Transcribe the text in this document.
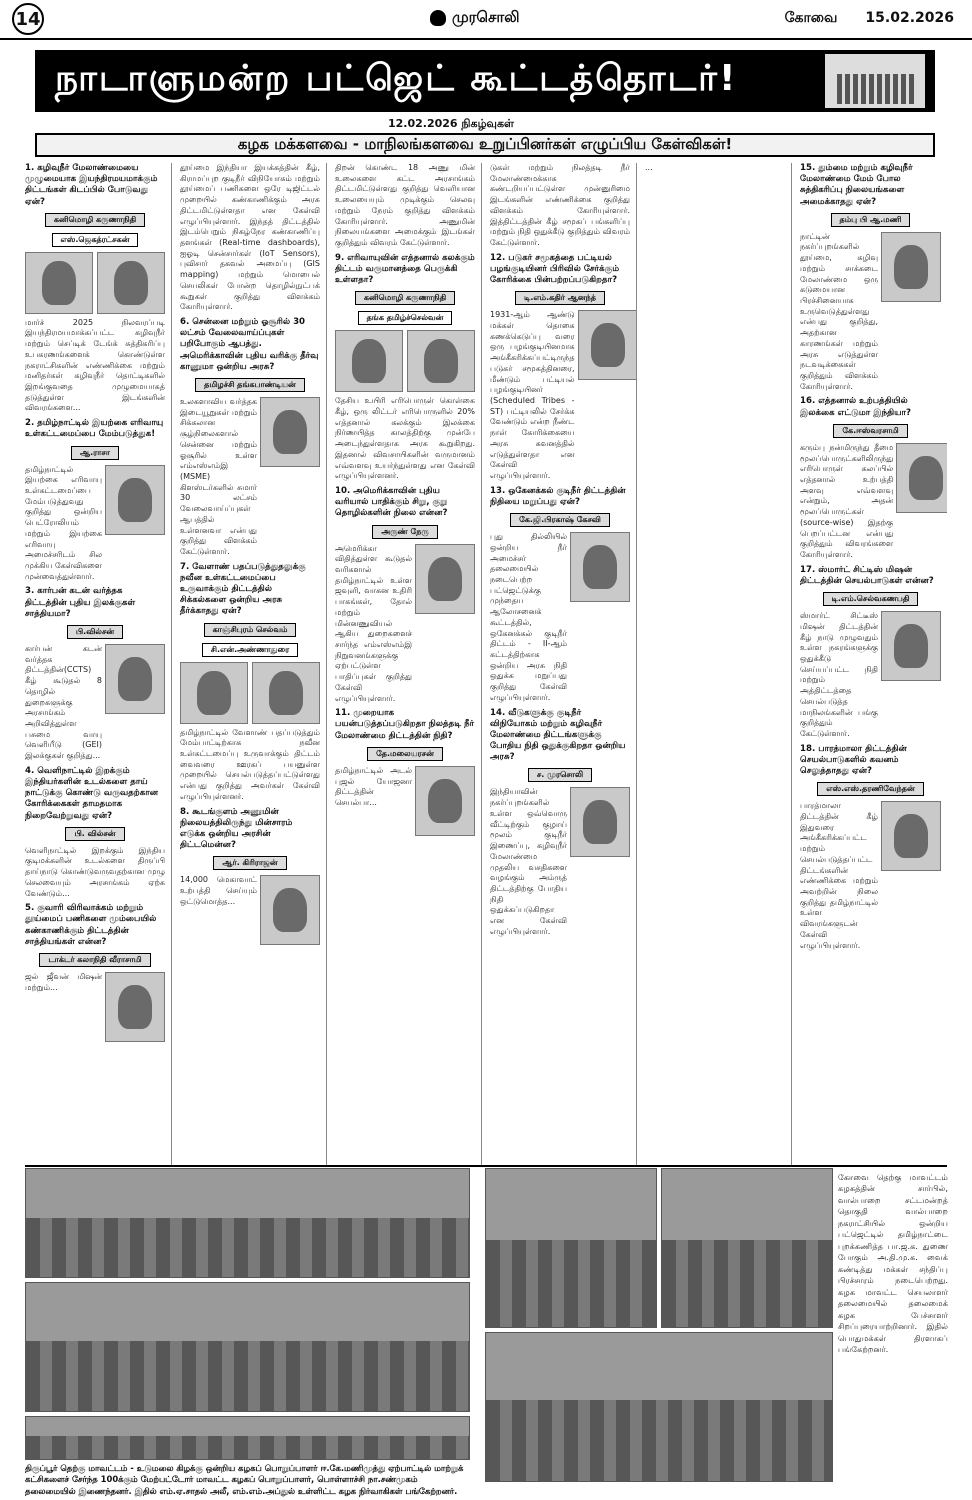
14	முரசொலி	கோவை 15.02.2026
நாடாளுமன்ற பட்ஜெட் கூட்டத்தொடர்!
12.02.2026 நிகழ்வுகள்
கழக மக்களவை - மாநிலங்களவை உறுப்பினர்கள் எழுப்பிய கேள்விகள்!
1. கழிவுநீர் மேலாண்மையை முழுமையாக இயந்திரமயமாக்கும் திட்டங்கள் கிடப்பில் போடுவது ஏன்?
கனிமொழி கருணாநிதி
எஸ்.ஜெகத்ரட்சகன்
மார்ச் 2025 நிலவரப்படி இயந்திரமயமாக்கப்பட்ட கழிவுநீர் மற்றும் செப்டிக் டேங்க் சுத்திகரிப்பு உபகரணங்களைக் கொண்டுள்ள நகராட்சிகளின் எண்ணிக்கை மற்றும் மனிதர்கள் கழிவுநீர் தொட்டிகளில் இறங்குவதை முழுமையாகத் தடுத்துள்ள இடங்களின் விவரங்களை...
2. தமிழ்நாட்டில் இயற்கை எரிவாயு உள்கட்டமைப்பை மேம்படுத்துக!
ஆ.ராசா
தமிழ்நாட்டில் இயற்கை எரிவாயு உள்கட்டமைப்பை மேம்படுத்துவது குறித்து ஒன்றிய பெட்ரோலியம் மற்றும் இயற்கை எரிவாயு அமைச்சரிடம் சில முக்கிய கேள்விகளை முன்வைத்துள்ளார்.
3. கார்பன் கடன் வர்த்தக திட்டத்தின் புதிய இலக்குகள் சாத்தியமா?
பி.வில்சன்
கார்பன் கடன் வர்த்தக திட்டத்தின்(CCTS) கீழ் கூடுதல் 8 தொழில் துறைகளுக்கு அரசாங்கம் அறிவித்துள்ள பசுமை வாயு வெளியீடு (GEI) இலக்குகள் குறித்து...
4. வெளிநாட்டில் இறக்கும் இந்தியர்களின் உடல்களை தாய் நாட்டுக்கு கொண்டு வருவதற்கான கோரிக்கைகள் தாமதமாக நிறைவேற்றுவது ஏன்?
பி. வில்சன்
வெளிநாட்டில் இறக்கும் இந்திய குடிமக்களின் உடல்களை திருப்பி தாய்நாடு கொண்டுவருவதற்கான முழு செலவையும் அரசாங்கம் ஏற்க வேண்டும்...
5. குவாரி விரிவாக்கம் மற்றும் தூய்மைப் பணிகளை மும்பையில் கண்காணிக்கும் திட்டத்தின் சாத்தியங்கள் என்ன?
டாக்டர் கலாநிதி வீராசாமி
ஜல் ஜீவன் மிஷன் மற்றும்...
தூய்மை இந்தியா இயக்கத்தின் கீழ், கிராமப்புற குடிநீர் விநியோகம் மற்றும் தூய்மைப் பணிகளை ஒரே டிஜிட்டல் முறையில் கண்காணிக்கும் அரசு திட்டமிட்டுள்ளதா என கேள்வி எழுப்பியுள்ளார். இந்தத் திட்டத்தில் இடம்பெறும் நிகழ்நேர கண்காணிப்பு தளங்கள் (Real-time dashboards), ஐஓடி சென்சார்கள் (IoT Sensors), புவிசார் தகவல் அமைப்பு (GIS mapping) மற்றும் மொபைல் செயலிகள் போன்ற தொழில்நுட்பக் கூறுகள் குறித்து விளக்கம் கோரியுள்ளார்.
6. சென்னை மற்றும் ஓசூரில் 30 லட்சம் வேலைவாய்ப்புகள் பறிபோகும் ஆபத்து. அமெரிக்காவின் புதிய வரிக்கு தீர்வு காணுமா ஒன்றிய அரசு?
தமிழச்சி தங்கபாண்டியன்
உலகளாவிய வர்த்தக இடையூறுகள் மற்றும் சிக்கலான சூழ்நிலைகளால் சென்னை மற்றும் ஓசூரில் உள்ள எம்எஸ்எம்இ (MSME) கிளஸ்டர்களில் சுமார் 30 லட்சம் வேலைவாய்ப்புகள் ஆபத்தில் உள்ளனவா என்பது குறித்து விளக்கம் கேட்டுள்ளார்.
7. வேளாண் பதப்படுத்துதலுக்கு நவீன உள்கட்டமைப்பை உருவாக்கும் திட்டத்தில் சிக்கல்களை ஒன்றிய அரசு தீர்க்காதது ஏன்?
காஞ்சிபுரம் செல்வம்
சி.என்.அண்ணாதுரை
தமிழ்நாட்டில் வேளாண் பதப்படுத்தும் மேம்பாட்டிற்காக நவீன உள்கட்டமைப்பு உருவாக்கும் திட்டம் வைவரை ஊரகப் பயனுள்ள முறையில் செயல்படுத்தப்பட்டுள்ளது என்பது குறித்து அவர்கள் கேள்வி எழுப்பியுள்ளனர்.
8. கூடங்குளம் அணுமின் நிலையத்திலிருந்து மின்சாரம் எடுக்க ஒன்றிய அரசின் திட்டமென்ன?
ஆர். கிரிராஜன்
14,000 மெகாவாட் உற்பத்தி செய்யும் ஒட்டுமொத்த...
திறன் கொண்ட 18 அணு மின் உலைகளை கட்ட அரசாங்கம் திட்டமிட்டுள்ளது குறித்து வெளியான உலையையும் முடிக்கும் செலவு மற்றும் நேரம் குறித்து விளக்கம் கோரியுள்ளார். அணுமின் நிலையங்களை அமைக்கும் இடங்கள் குறித்தும் விவரம் கேட்டுள்ளார்.
9. எரிவாயுவின் எத்தனால் கலக்கும் திட்டம் வருமானத்தை பெருக்கி உள்ளதா?
கனிமொழி கருணாநிதி
தங்க தமிழ்ச்செல்வன்
தேசிய உயிரி எரிபொருள் கொள்கை கீழ், ஒரு லிட்டர் எரிபொருளில் 20% எத்தனால் கலக்கும் இலக்கை நிர்ணயித்த காலத்திற்கு முன்பே அடைந்துள்ளதாக அரசு கூறுகிறது. இதனால் விவசாயிகளின் வருமானம் எவ்வளவு உயர்ந்துள்ளது என கேள்வி எழுப்பியுள்ளனர்.
10. அமெரிக்காவின் புதிய வரியால் பாதிக்கும் சிறு, குறு தொழில்களின் நிலை என்ன?
அருண் நேரு
அமெரிக்கா விதித்துள்ள கூடுதல் வரிகளால் தமிழ்நாட்டில் உள்ள ஜவுளி, வாகன உதிரி பாகங்கள், தோல் மற்றும் மின்னணுவியல் ஆகிய துறைகளைச் சார்ந்த எம்எஸ்எம்இ நிறுவனங்களுக்கு ஏற்பட்டுள்ள பாதிப்புகள் குறித்து கேள்வி எழுப்பியுள்ளார்.
11. முறையாக பயன்படுத்தப்படுகிறதா நிலத்தடி நீர் மேலாண்மை திட்டத்தின் நிதி?
தே.மலையரசன்
தமிழ்நாட்டில் அடல் புஜல் யோஜனா திட்டத்தின் செயல்பா...
டுகள் மற்றும் நிலத்தடி நீர் மேலாண்மைக்காக கண்டறியப்பட்டுள்ள முன்னுரிமை இடங்களின் எண்ணிக்கை குறித்து விளக்கம் கோரியுள்ளார். இத்திட்டத்தின் கீழ் சமூகப் பங்களிப்பு மற்றும் நிதி ஒதுக்கீடு குறித்தும் விவரம் கேட்டுள்ளார்.
12. படுகர் சமூகத்தை பட்டியல் பழங்குடியினர் பிரிவில் சேர்க்கும் கோரிக்கை பின்பற்றப்படுகிறதா?
டி.எம்.கதிர் ஆனந்த்
1931-ஆம் ஆண்டு மக்கள் தொகை கணக்கெடுப்பு வரை ஒரு பழங்குடியினமாக அங்கீகரிக்கப்பட்டிருந்த படுகர் சமூகத்தினரை, மீண்டும் பட்டியல் பழங்குடியினர் (Scheduled Tribes - ST) பட்டியலில் சேர்க்க வேண்டும் என்ற நீண்ட நாள் கோரிக்கையை அரசு கவனத்தில் எடுத்துள்ளதா என கேள்வி எழுப்பியுள்ளார்.
13. ஒகேனக்கல் குடிநீர் திட்டத்தின் நிதியை மறுப்பது ஏன்?
கே.ஜி.பிரகாஷ் கேசவி
புது தில்லியில் ஒன்றிய நீர் அமைச்சர் தலைமையில் நடைபெற்ற பட்ஜெட்டுக்கு முந்தைய ஆலோசனைக் கூட்டத்தில், ஒகேனக்கல் குடிநீர் திட்டம் - II-ஆம் கட்டத்திற்காக ஒன்றிய அரசு நிதி ஒதுக்க மறுப்பது குறித்து கேள்வி எழுப்பியுள்ளார்.
14. வீடுகளுக்கு குடிநீர் விநியோகம் மற்றும் கழிவுநீர் மேலாண்மை திட்டங்களுக்கு போதிய நிதி ஒதுக்குகிறதா ஒன்றிய அரசு?
ச. முரசொலி
இந்தியாவின் நகர்ப்புறங்களில் உள்ள ஒவ்வொரு வீட்டிற்கும் குழாய் மூலம் குடிநீர் இணைப்பு, கழிவுநீர் மேலாண்மை முதலிய வசதிகளை வழங்கும் அம்ருத் திட்டத்திற்கு போதிய நிதி ஒதுக்கப்படுகிறதா என கேள்வி எழுப்பியுள்ளார்.
...	15. தும்மை மற்றும் கழிவுநீர் மேலாண்மை மேம் போல சுத்திகரிப்பு நிலையங்களை அமைக்காதது ஏன்?
தம்பு பி ஆ.மணி
நாட்டின் நகர்ப்புறங்களில் தூய்மை, கழிவு மற்றும் சாக்கடை மேலாண்மை ஒரு கடுமையான பிரச்சினையாக உருவெடுத்துள்ளது என்பது குறித்து, அதற்கான காரணங்கள் மற்றும் அரசு எடுத்துள்ள நடவடிக்கைகள் குறித்தும் விளக்கம் கோரியுள்ளார்.
16. எத்தனால் உற்பத்தியில் இலக்கை எட்டுமா இந்தியா?
கே.ஈஸ்வரசாமி
கரும்பு நன்மிருந்து தீமை மூலப்பொருட்களிலிருந்து எரிபொருள் கலப்பில் எத்தனால் உற்பத்தி அளவு எவ்வளவு என்றும், அதன் மூலப்பொருட்கள் (source-wise) இதற்கு பெறப்பட்டன என்பது குறித்தும் விவரங்களை கோரியுள்ளார்.
17. ஸ்மார்ட் சிட்டிஸ் மிஷன் திட்டத்தின் செயல்பாடுகள் என்ன?
டி.எம்.செல்வகணபதி
ஸ்மார்ட் சிட்டீஸ் மிஷன் திட்டத்தின் கீழ் நாடு முழுவதும் உள்ள நகரங்களுக்கு ஒதுக்கீடு செய்யப்பட்ட நிதி மற்றும் அத்திட்டத்தை செயல்படுத்த மாநிலங்களின் பங்கு குறித்தும் கேட்டுள்ளார்.
18. பாரத்மாலா திட்டத்தின் செயல்பாடுகளில் கவனம் செலுத்தாதது ஏன்?
எஸ்.எஸ்.தரணிவேந்தன்
பாரத்மாலா திட்டத்தின் கீழ் இதுவரை அங்கீகரிக்கப்பட்ட மற்றும் செயல்படுத்தப்பட்ட திட்டங்களின் எண்ணிக்கை மற்றும் அவற்றின் நிலை குறித்து தமிழ்நாட்டில் உள்ள விவரங்களுடன் கேள்வி எழுப்பியுள்ளார்.
திருப்பூர் தெற்கு மாவட்டம் - உடுமலை கிழக்கு ஒன்றிய கழகப் பொறுப்பாளர் ஈ.கே.மணிமுத்து ஏற்பாட்டில் மாற்றுக் கட்சிகளைச் சேர்ந்த 100க்கும் மேற்பட்டோர் மாவட்ட கழகப் பொறுப்பாளர், பொள்ளாச்சி நா.சண்முகம் தலைமையில் இணைந்தனர். இதில் எம்.ஏ.சாதல் அலீ, எம்.எம்.அப்துல் உள்ளிட்ட கழக நிர்வாகிகள் பங்கேற்றனர்.
கோவை தெற்கு மாவட்டம் கழகத்தின் சார்பில், வால்பாறை சட்டமன்றத் தொகுதி வால்பாறை நகராட்சியில் ஒன்றிய பட்ஜெட்டில் தமிழ்நாட்டை புறக்கணித்த பா.ஜ.க. துணை போகும் அ.தி.மு.க. வைக் கண்டித்து மக்கள் சந்திப்பு பிரச்சாரம் நடைபெற்றது. கழக மாவட்ட செயலாளர் தலைமையில் தலைமைக் கழக பேச்சாளர் சிறப்புரையாற்றினார். இதில் பொதுமக்கள் திரளாகப் பங்கேற்றனர்.
